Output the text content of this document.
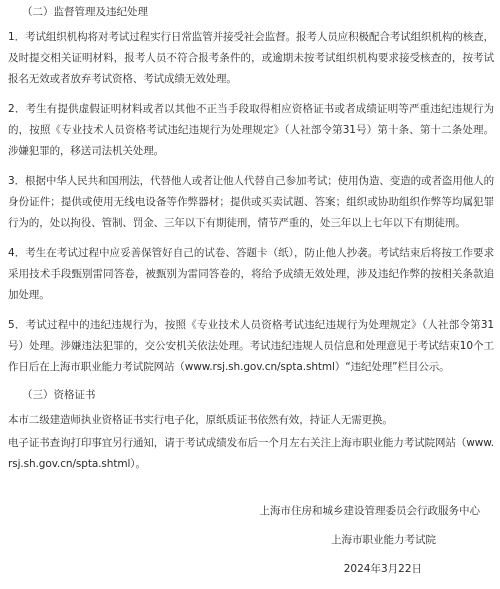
（二）监督管理及违纪处理

1．考试组织机构将对考试过程实行日常监管并接受社会监督。报考人员应积极配合考试组织机构的核查，及时提交相关证明材料，报考人员不符合报考条件的，或逾期未按考试组织机构要求接受核查的，按考试报名无效或者放弃考试资格、考试成绩无效处理。

2．考生有提供虚假证明材料或者以其他不正当手段取得相应资格证书或者成绩证明等严重违纪违规行为的，按照《专业技术人员资格考试违纪违规行为处理规定》（人社部令第31号）第十条、第十二条处理。涉嫌犯罪的，移送司法机关处理。

3．根据中华人民共和国刑法，代替他人或者让他人代替自己参加考试；使用伪造、变造的或者盗用他人的身份证件；提供或使用无线电设备等作弊器材；提供或买卖试题、答案；组织或协助组织作弊等均属犯罪行为的，处以拘役、管制、罚金、三年以下有期徒刑，情节严重的，处三年以上七年以下有期徒刑。

4．考生在考试过程中应妥善保管好自己的试卷、答题卡（纸），防止他人抄袭。考试结束后将按工作要求采用技术手段甄别雷同答卷，被甄别为雷同答卷的，将给予成绩无效处理，涉及违纪作弊的按相关条款追加处理。

5．考试过程中的违纪违规行为，按照《专业技术人员资格考试违纪违规行为处理规定》（人社部令第31号）处理。涉嫌违法犯罪的，交公安机关依法处理。考试违纪违规人员信息和处理意见于考试结束10个工作日后在上海市职业能力考试院网站（www.rsj.sh.gov.cn/spta.shtml）“违纪处理”栏目公示。

（三）资格证书

本市二级建造师执业资格证书实行电子化，原纸质证书依然有效，持证人无需更换。

电子证书查询打印事宜另行通知，请于考试成绩发布后一个月左右关注上海市职业能力考试院网站（www.rsj.sh.gov.cn/spta.shtml）。

上海市住房和城乡建设管理委员会行政服务中心
上海市职业能力考试院
2024年3月22日
